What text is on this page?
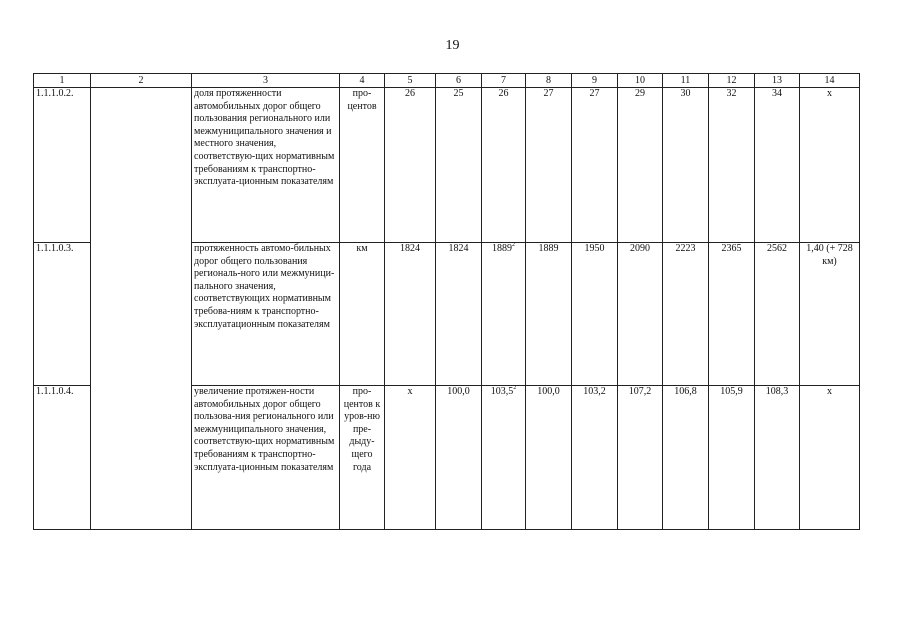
19
1	2	3	4	5	6	7	8	9	10	11	12	13	14
1.1.1.0.2.		доля протяженности автомобильных дорог общего пользования регионального или межмуниципального значения и местного значения, соответствую-щих нормативным требованиям к транспортно-эксплуата-ционным показателям	про-центов	26	25	26	27	27	29	30	32	34	х
1.1.1.0.3.		протяженность автомо-бильных дорог общего пользования региональ-ного или межмуници-пального значения, соответствующих нормативным требова-ниям к транспортно-эксплуатационным показателям	км	1824	1824	1889$^2$	1889	1950	2090	2223	2365	2562	1,40 (+ 728 км)
1.1.1.0.4.		увеличение протяжен-ности автомобильных дорог общего пользова-ния регионального или межмуниципального значения, соответствую-щих нормативным требованиям к транспортно-эксплуата-ционным показателям	про-центов к уров-ню пре-дыду-щего года	х	100,0	103,5$^2$	100,0	103,2	107,2	106,8	105,9	108,3	х
